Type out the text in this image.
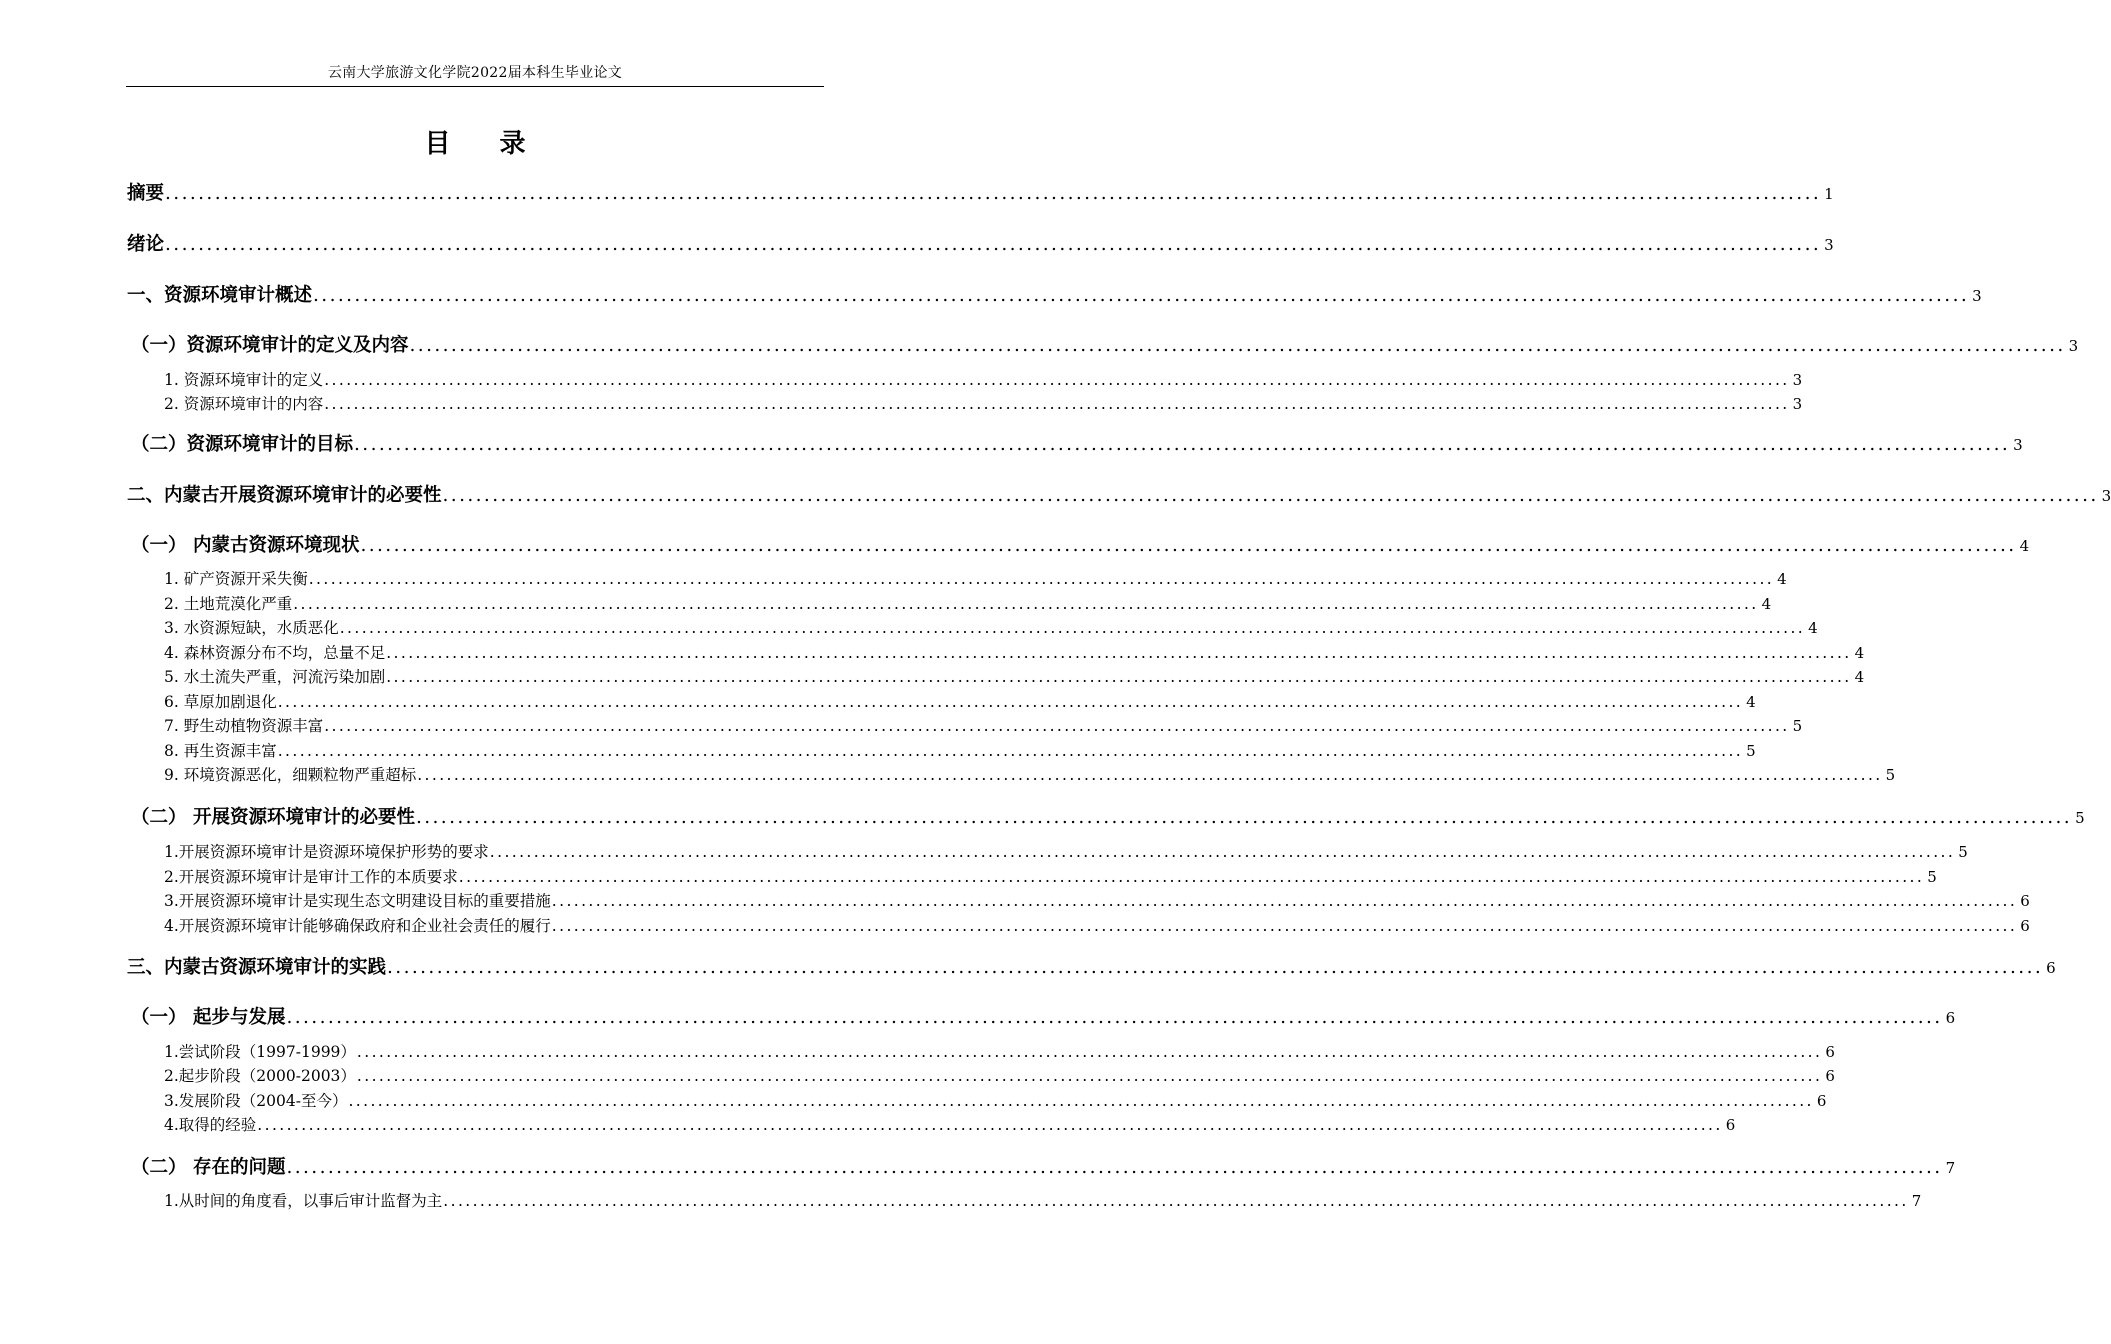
云南大学旅游文化学院2022届本科生毕业论文
目 录
摘要 ........................................................................................................................................................................................................ 1
绪论 ........................................................................................................................................................................................................ 3
一、资源环境审计概述 ........................................................................................................................................................................................................ 3
（一）资源环境审计的定义及内容 ........................................................................................................................................................................................................ 3
1. 资源环境审计的定义 ........................................................................................................................................................................................................ 3
2. 资源环境审计的内容 ........................................................................................................................................................................................................ 3
（二）资源环境审计的目标 ........................................................................................................................................................................................................ 3
二、内蒙古开展资源环境审计的必要性 ........................................................................................................................................................................................................ 3
（一） 内蒙古资源环境现状 ........................................................................................................................................................................................................ 4
1. 矿产资源开采失衡 ........................................................................................................................................................................................................ 4
2. 土地荒漠化严重 ........................................................................................................................................................................................................ 4
3. 水资源短缺，水质恶化 ........................................................................................................................................................................................................ 4
4. 森林资源分布不均，总量不足 ........................................................................................................................................................................................................ 4
5. 水土流失严重，河流污染加剧 ........................................................................................................................................................................................................ 4
6. 草原加剧退化 ........................................................................................................................................................................................................ 4
7. 野生动植物资源丰富 ........................................................................................................................................................................................................ 5
8. 再生资源丰富 ........................................................................................................................................................................................................ 5
9. 环境资源恶化，细颗粒物严重超标 ........................................................................................................................................................................................................ 5
（二） 开展资源环境审计的必要性 ........................................................................................................................................................................................................ 5
1.开展资源环境审计是资源环境保护形势的要求 ........................................................................................................................................................................................................ 5
2.开展资源环境审计是审计工作的本质要求 ........................................................................................................................................................................................................ 5
3.开展资源环境审计是实现生态文明建设目标的重要措施 ........................................................................................................................................................................................................ 6
4.开展资源环境审计能够确保政府和企业社会责任的履行 ........................................................................................................................................................................................................ 6
三、内蒙古资源环境审计的实践 ........................................................................................................................................................................................................ 6
（一） 起步与发展 ........................................................................................................................................................................................................ 6
1.尝试阶段（1997-1999） ........................................................................................................................................................................................................ 6
2.起步阶段（2000-2003） ........................................................................................................................................................................................................ 6
3.发展阶段（2004-至今） ........................................................................................................................................................................................................ 6
4.取得的经验 ........................................................................................................................................................................................................ 6
（二） 存在的问题 ........................................................................................................................................................................................................ 7
1.从时间的角度看，以事后审计监督为主 ........................................................................................................................................................................................................ 7
